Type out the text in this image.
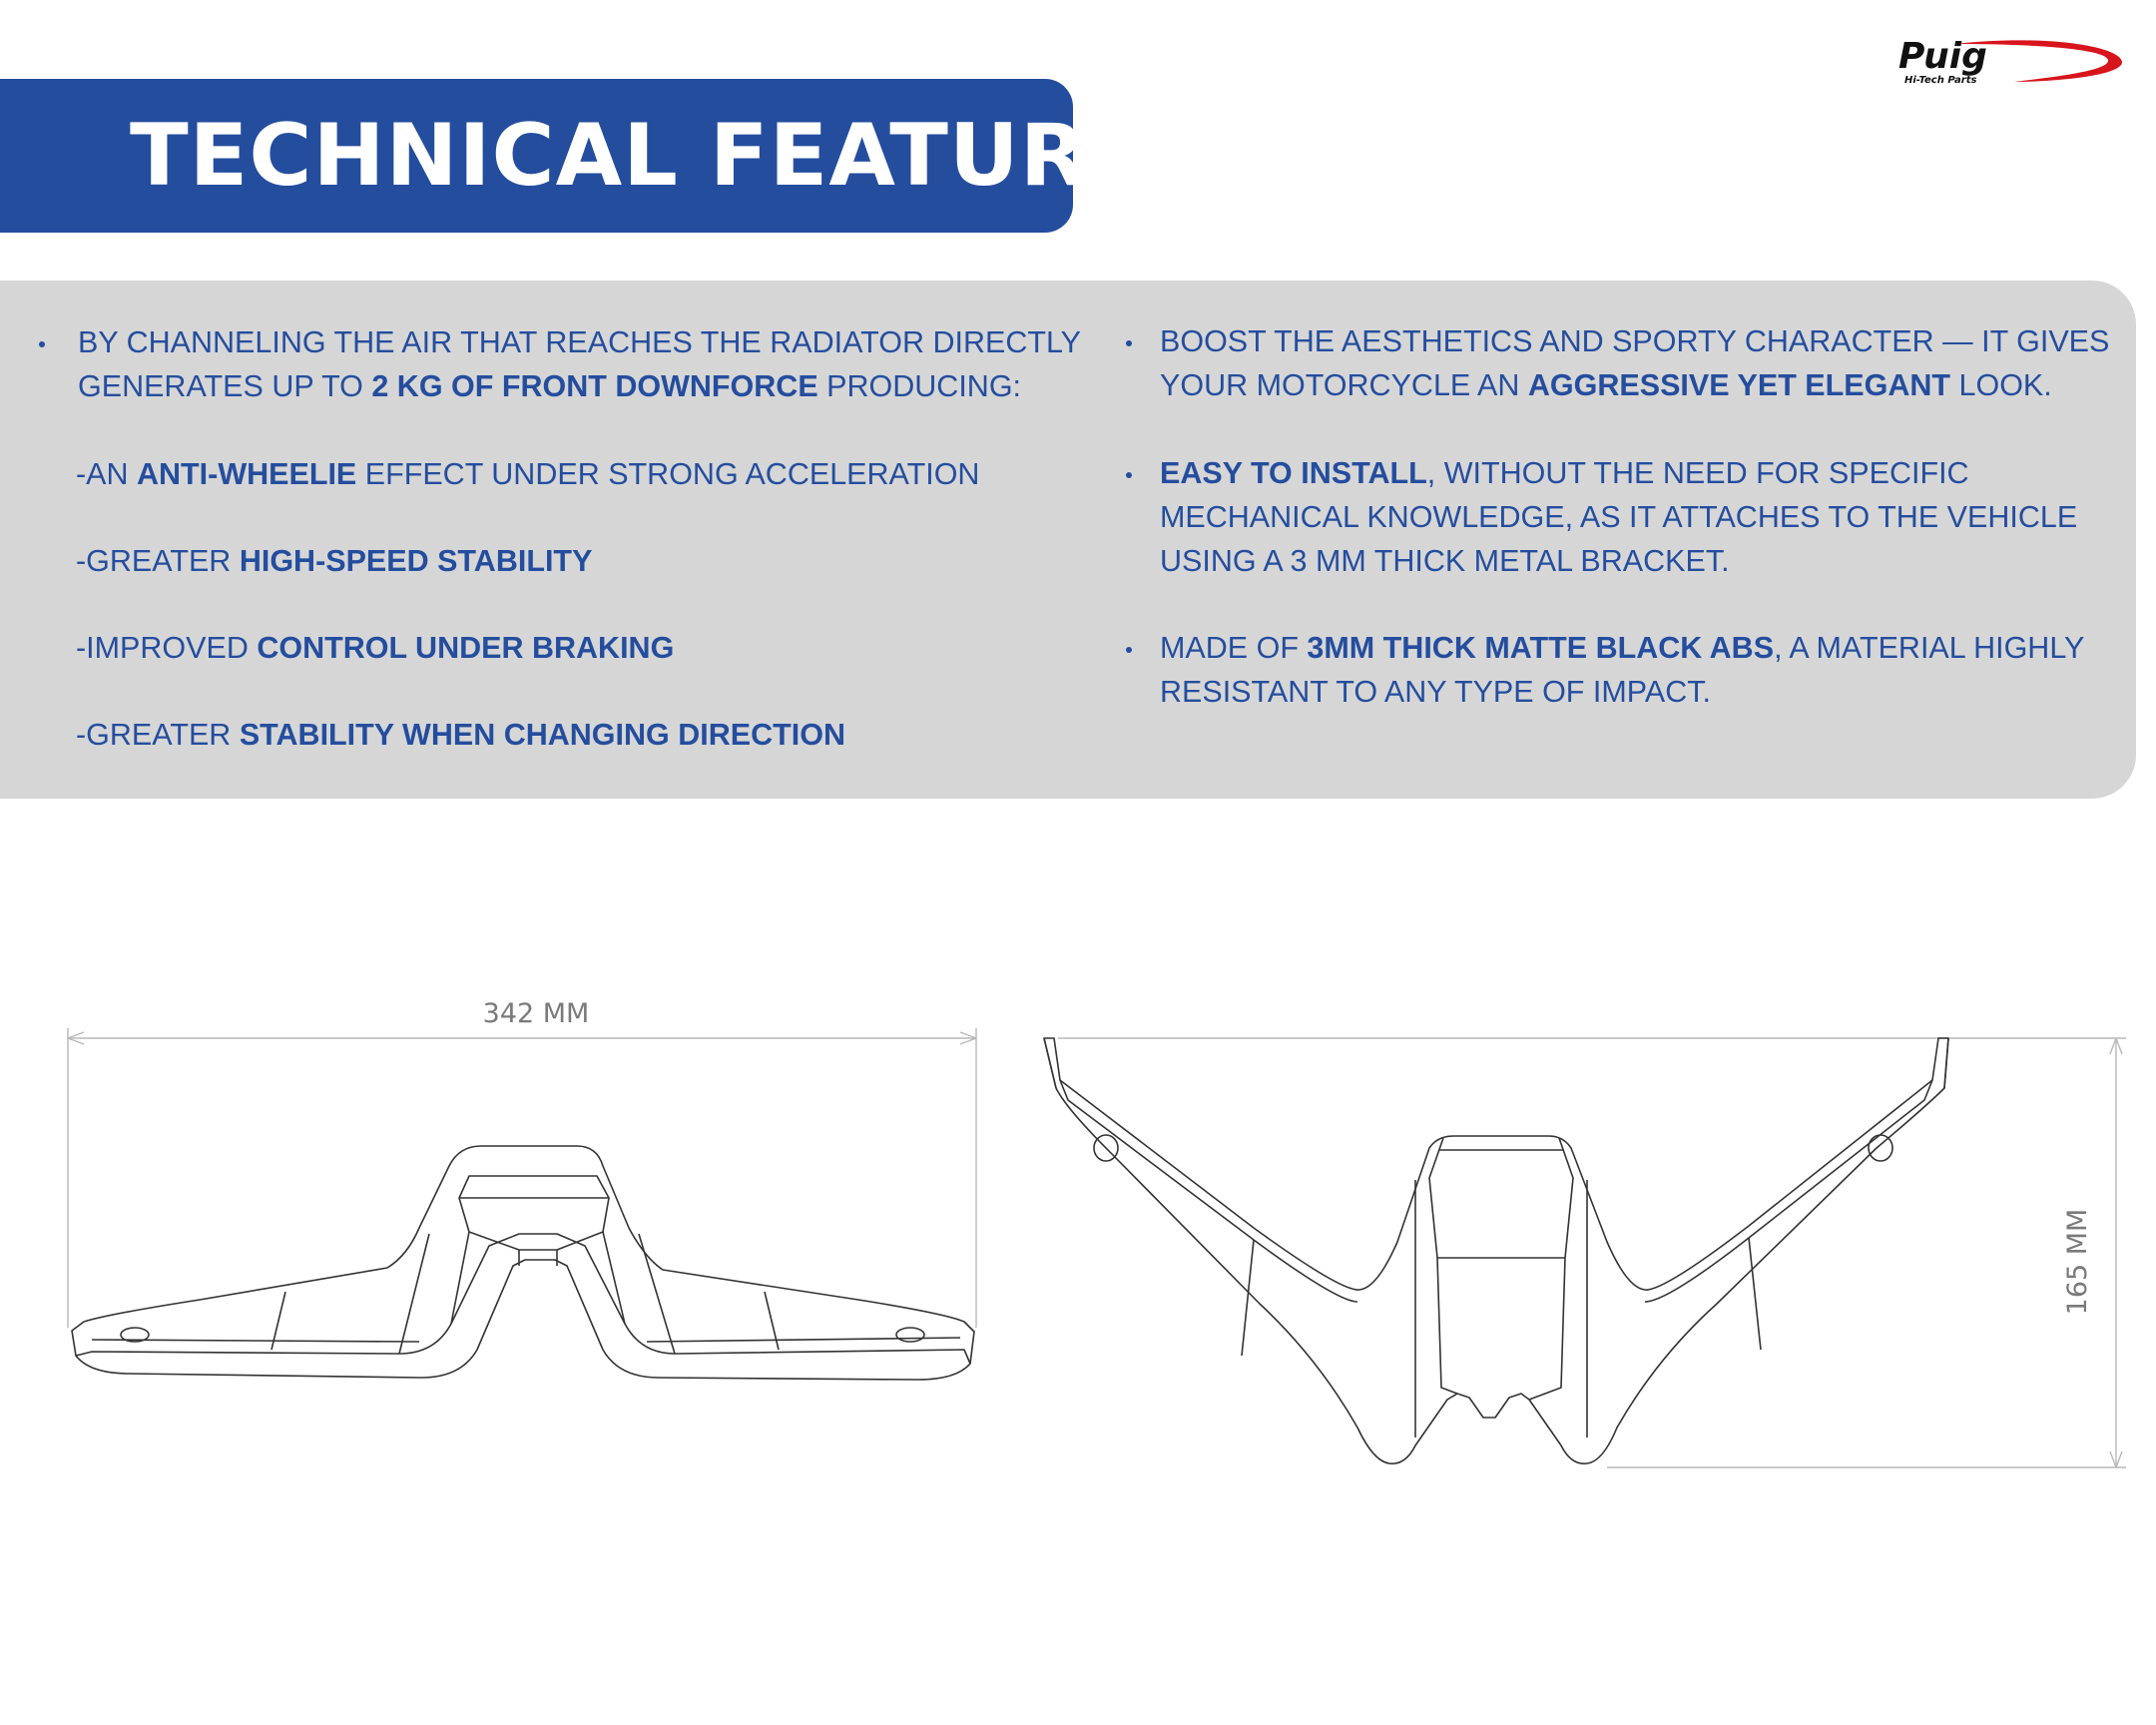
Puig
Hi-Tech Parts
TECHNICAL FEATURES

BY CHANNELING THE AIR THAT REACHES THE RADIATOR DIRECTLY

GENERATES UP TO 2 KG OF FRONT DOWNFORCE PRODUCING:

-AN ANTI-WHEELIE EFFECT UNDER STRONG ACCELERATION

-GREATER HIGH-SPEED STABILITY

-IMPROVED CONTROL UNDER BRAKING

-GREATER STABILITY WHEN CHANGING DIRECTION

BOOST THE AESTHETICS AND SPORTY CHARACTER — IT GIVES

YOUR MOTORCYCLE AN AGGRESSIVE YET ELEGANT LOOK.

EASY TO INSTALL, WITHOUT THE NEED FOR SPECIFIC

MECHANICAL KNOWLEDGE, AS IT ATTACHES TO THE VEHICLE

USING A 3 MM THICK METAL BRACKET.

MADE OF 3MM THICK MATTE BLACK ABS, A MATERIAL HIGHLY

RESISTANT TO ANY TYPE OF IMPACT.

342 MM
165 MM
